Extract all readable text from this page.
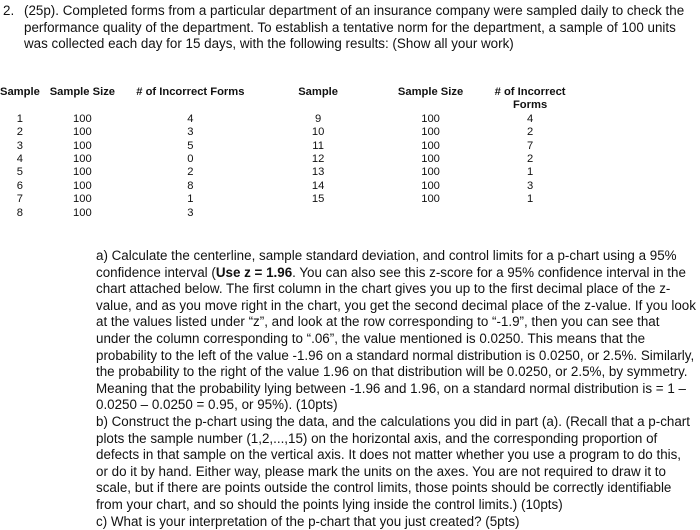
2. (25p). Completed forms from a particular department of an insurance company were sampled daily to check the performance quality of the department. To establish a tentative norm for the department, a sample of 100 units was collected each day for 15 days, with the following results: (Show all your work)
Sample	Sample Size	# of Incorrect Forms	Sample	Sample Size	# of Incorrect Forms	
1	100	4	9	100	4	
2	100	3	10	100	2	
3	100	5	11	100	7	
4	100	0	12	100	2	
5	100	2	13	100	1	
6	100	8	14	100	3	
7	100	1	15	100	1	
8	100	3				

a) Calculate the centerline, sample standard deviation, and control limits for a p-chart using a 95% confidence interval (Use z = 1.96. You can also see this z-score for a 95% confidence interval in the chart attached below. The first column in the chart gives you up to the first decimal place of the z-value, and as you move right in the chart, you get the second decimal place of the z-value. If you look at the values listed under “z”, and look at the row corresponding to “-1.9”, then you can see that under the column corresponding to “.06”, the value mentioned is 0.0250. This means that the probability to the left of the value -1.96 on a standard normal distribution is 0.0250, or 2.5%. Similarly, the probability to the right of the value 1.96 on that distribution will be 0.0250, or 2.5%, by symmetry. Meaning that the probability lying between -1.96 and 1.96, on a standard normal distribution is = 1 – 0.0250 – 0.0250 = 0.95, or 95%). (10pts)

b) Construct the p-chart using the data, and the calculations you did in part (a). (Recall that a p-chart plots the sample number (1,2,...,15) on the horizontal axis, and the corresponding proportion of defects in that sample on the vertical axis. It does not matter whether you use a program to do this, or do it by hand. Either way, please mark the units on the axes. You are not required to draw it to scale, but if there are points outside the control limits, those points should be correctly identifiable from your chart, and so should the points lying inside the control limits.) (10pts)

c) What is your interpretation of the p-chart that you just created? (5pts)
